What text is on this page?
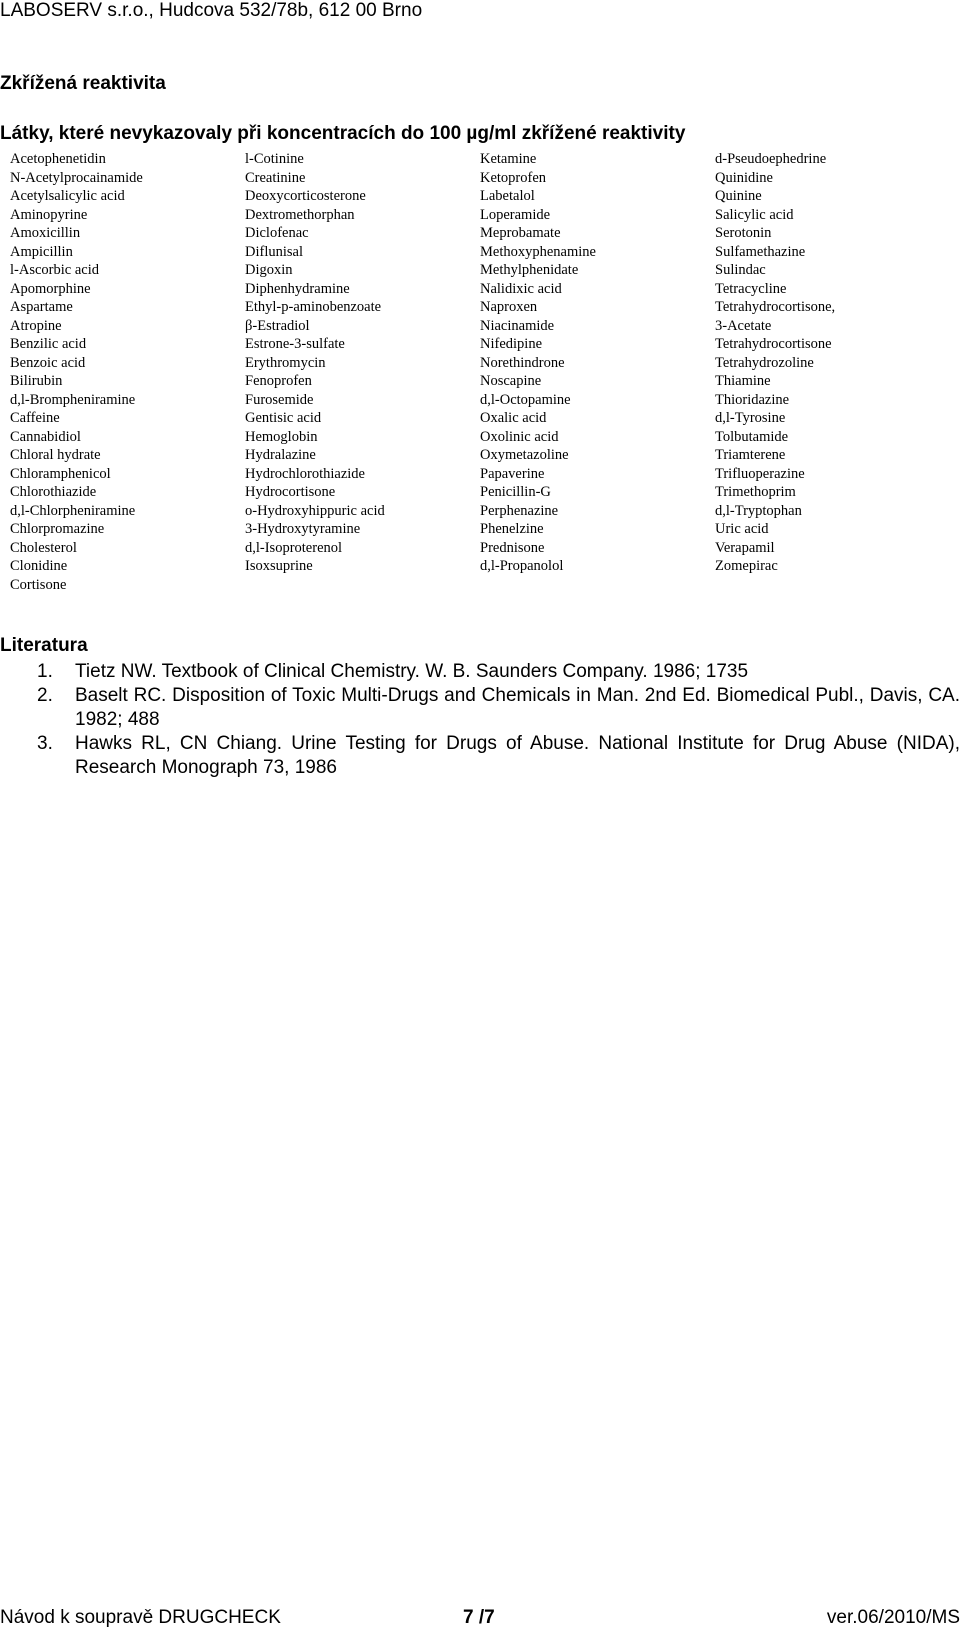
LABOSERV s.r.o., Hudcova 532/78b, 612 00 Brno
Zkřížená reaktivita
Látky, které nevykazovaly při koncentracích do 100 µg/ml zkřížené reaktivity
Acetophenetidin
N-Acetylprocainamide
Acetylsalicylic acid
Aminopyrine
Amoxicillin
Ampicillin
l-Ascorbic acid
Apomorphine
Aspartame
Atropine
Benzilic acid
Benzoic acid
Bilirubin
d,l-Brompheniramine
Caffeine
Cannabidiol
Chloral hydrate
Chloramphenicol
Chlorothiazide
d,l-Chlorpheniramine
Chlorpromazine
Cholesterol
Clonidine
Cortisone
l-Cotinine
Creatinine
Deoxycorticosterone
Dextromethorphan
Diclofenac
Diflunisal
Digoxin
Diphenhydramine
Ethyl-p-aminobenzoate
β-Estradiol
Estrone-3-sulfate
Erythromycin
Fenoprofen
Furosemide
Gentisic acid
Hemoglobin
Hydralazine
Hydrochlorothiazide
Hydrocortisone
o-Hydroxyhippuric acid
3-Hydroxytyramine
d,l-Isoproterenol
Isoxsuprine
Ketamine
Ketoprofen
Labetalol
Loperamide
Meprobamate
Methoxyphenamine
Methylphenidate
Nalidixic acid
Naproxen
Niacinamide
Nifedipine
Norethindrone
Noscapine
d,l-Octopamine
Oxalic acid
Oxolinic acid
Oxymetazoline
Papaverine
Penicillin-G
Perphenazine
Phenelzine
Prednisone
d,l-Propanolol
d-Pseudoephedrine
Quinidine
Quinine
Salicylic acid
Serotonin
Sulfamethazine
Sulindac
Tetracycline
Tetrahydrocortisone,
3-Acetate
Tetrahydrocortisone
Tetrahydrozoline
Thiamine
Thioridazine
d,l-Tyrosine
Tolbutamide
Triamterene
Trifluoperazine
Trimethoprim
d,l-Tryptophan
Uric acid
Verapamil
Zomepirac
Literatura
1. Tietz NW. Textbook of Clinical Chemistry. W. B. Saunders Company. 1986; 1735
2. Baselt RC. Disposition of Toxic Multi-Drugs and Chemicals in Man. 2nd Ed. Biomedical Publ., Davis, CA. 1982; 488
3. Hawks RL, CN Chiang. Urine Testing for Drugs of Abuse. National Institute for Drug Abuse (NIDA), Research Monograph 73, 1986
Návod k soupravě DRUGCHECK	7 /7	ver.06/2010/MS
